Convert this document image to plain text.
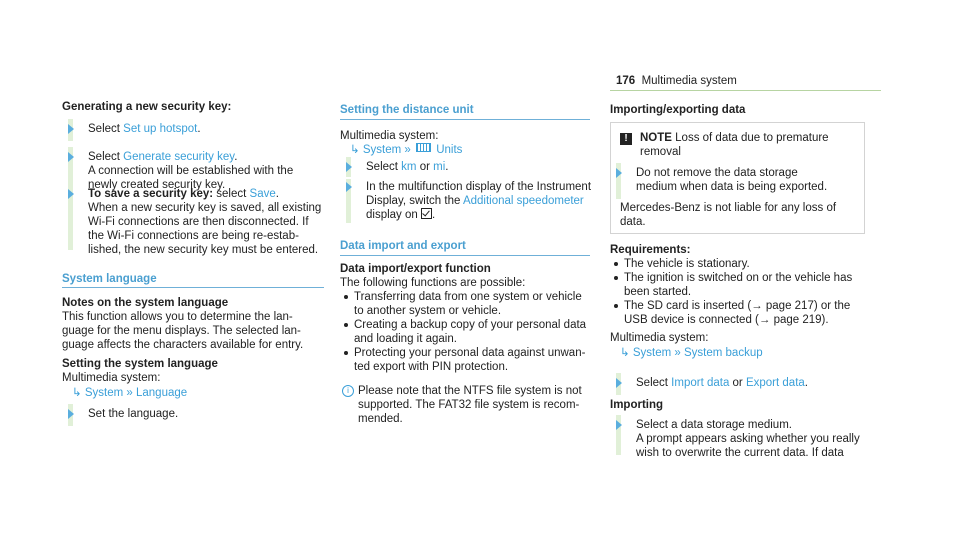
176 Multimedia system
Generating a new security key:
Select Set up hotspot.
Select Generate security key.
A connection will be established with the
newly created security key.
To save a security key: select Save.
When a new security key is saved, all existing
Wi-Fi connections are then disconnected. If
the Wi-Fi connections are being re-estab-
lished, the new security key must be entered.
System language
Notes on the system language
This function allows you to determine the lan-
guage for the menu displays. The selected lan-
guage affects the characters available for entry.
Setting the system language
Multimedia system:
↳ System » Language
Set the language.
Setting the distance unit
Multimedia system:
↳ System » Units
Select km or mi.
In the multifunction display of the Instrument
Display, switch the Additional speedometer
display on .
Data import and export
Data import/export function
The following functions are possible:
Transferring data from one system or vehicle
to another system or vehicle.
Creating a backup copy of your personal data
and loading it again.
Protecting your personal data against unwan-
ted export with PIN protection.
i Please note that the NTFS file system is not
supported. The FAT32 file system is recom-
mended.
Importing/exporting data
!	NOTE Loss of data due to premature
removal
Do not remove the data storage
medium when data is being exported.
Mercedes-Benz is not liable for any loss of
data.
Requirements:
The vehicle is stationary.
The ignition is switched on or the vehicle has
been started.
The SD card is inserted (→ page 217) or the
USB device is connected (→ page 219).
Multimedia system:
↳ System » System backup
Select Import data or Export data.
Importing
Select a data storage medium.
A prompt appears asking whether you really
wish to overwrite the current data. If data
